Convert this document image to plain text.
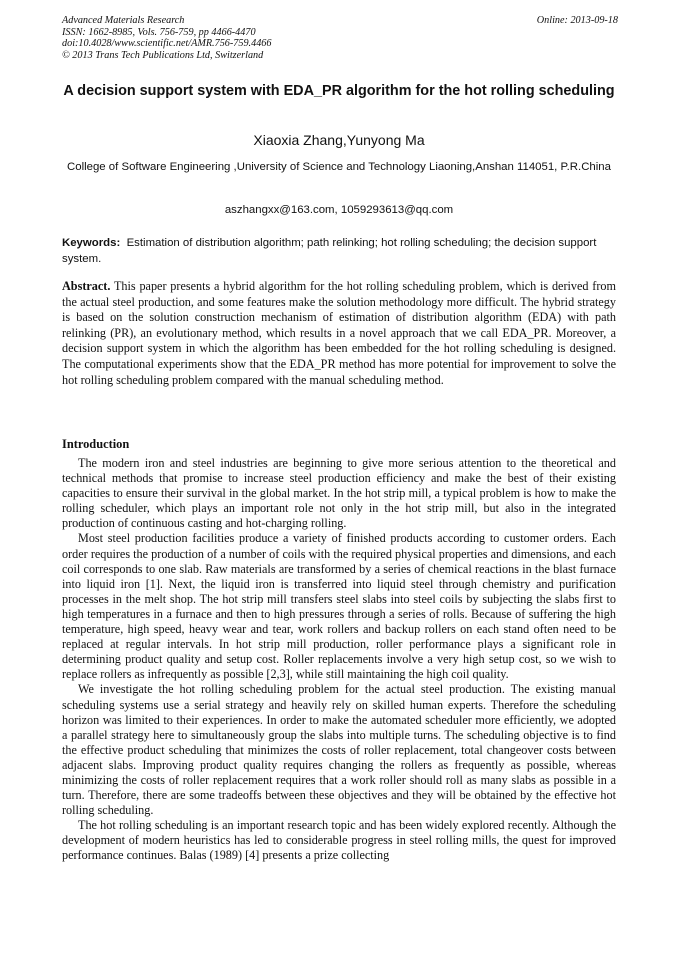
Advanced Materials Research
ISSN: 1662-8985, Vols. 756-759, pp 4466-4470
doi:10.4028/www.scientific.net/AMR.756-759.4466
© 2013 Trans Tech Publications Ltd, Switzerland
Online: 2013-09-18
A decision support system with EDA_PR algorithm for the hot rolling scheduling
Xiaoxia Zhang,Yunyong Ma
College of Software Engineering ,University of Science and Technology Liaoning,Anshan 114051, P.R.China
aszhangxx@163.com, 1059293613@qq.com
Keywords: Estimation of distribution algorithm; path relinking; hot rolling scheduling; the decision support system.
Abstract. This paper presents a hybrid algorithm for the hot rolling scheduling problem, which is derived from the actual steel production, and some features make the solution methodology more difficult. The hybrid strategy is based on the solution construction mechanism of estimation of distribution algorithm (EDA) with path relinking (PR), an evolutionary method, which results in a novel approach that we call EDA_PR. Moreover, a decision support system in which the algorithm has been embedded for the hot rolling scheduling is designed. The computational experiments show that the EDA_PR method has more potential for improvement to solve the hot rolling scheduling problem compared with the manual scheduling method.
Introduction

The modern iron and steel industries are beginning to give more serious attention to the theoretical and technical methods that promise to increase steel production efficiency and make the best of their existing capacities to ensure their survival in the global market. In the hot strip mill, a typical problem is how to make the rolling scheduler, which plays an important role not only in the hot strip mill, but also in the integrated production of continuous casting and hot-charging rolling.

Most steel production facilities produce a variety of finished products according to customer orders. Each order requires the production of a number of coils with the required physical properties and dimensions, and each coil corresponds to one slab. Raw materials are transformed by a series of chemical reactions in the blast furnace into liquid iron [1]. Next, the liquid iron is transferred into liquid steel through chemistry and purification processes in the melt shop. The hot strip mill transfers steel slabs into steel coils by subjecting the slabs first to high temperatures in a furnace and then to high pressures through a series of rolls. Because of suffering the high temperature, high speed, heavy wear and tear, work rollers and backup rollers on each stand often need to be replaced at regular intervals. In hot strip mill production, roller performance plays a significant role in determining product quality and setup cost. Roller replacements involve a very high setup cost, so we wish to replace rollers as infrequently as possible [2,3], while still maintaining the high coil quality.

We investigate the hot rolling scheduling problem for the actual steel production. The existing manual scheduling systems use a serial strategy and heavily rely on skilled human experts. Therefore the scheduling horizon was limited to their experiences. In order to make the automated scheduler more efficiently, we adopted a parallel strategy here to simultaneously group the slabs into multiple turns. The scheduling objective is to find the effective product scheduling that minimizes the costs of roller replacement, total changeover costs between adjacent slabs. Improving product quality requires changing the rollers as frequently as possible, whereas minimizing the costs of roller replacement requires that a work roller should roll as many slabs as possible in a turn. Therefore, there are some tradeoffs between these objectives and they will be obtained by the effective hot rolling scheduling.

The hot rolling scheduling is an important research topic and has been widely explored recently. Although the development of modern heuristics has led to considerable progress in steel rolling mills, the quest for improved performance continues. Balas (1989) [4] presents a prize collecting
